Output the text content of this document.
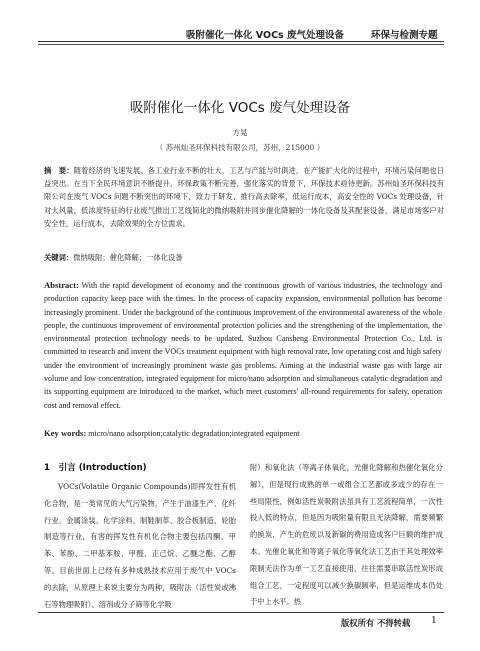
吸附催化一体化 VOCs 废气处理设备	环保与检测专题
吸附催化一体化 VOCs 废气处理设备
方晃
（ 苏州灿圣环保科技有限公司，苏州，215000 ）
摘　要：随着经济的飞速发展、各工业行业不断的壮大，工艺与产能与时俱进，在产能扩大化的过程中，环境污染问题也日益突出。在当下全民环境意识不断提升、环保政策不断完善，强化落实的背景下，环保技术亟待更新。苏州灿圣环保科技有限公司在废气 VOCs 问题不断突出的环境下，致力于研发、推行高去除率，低运行成本，高安全性的 VOCs 处理设备，针对大风量，低浓度特征的行业废气推出工艺线简化的微纳吸附并同步催化降解的一体化设备及其配套设备，满足市场客户对安全性，运行成本，去除效果的全方位需求。
关键词：微纳吸附；催化降解；一体化设备
Abstract: With the rapid development of economy and the continuous growth of various industries, the technology and production capacity keep pace with the times. In the process of capacity expansion, environmental pollution has become increasingly prominent. Under the background of the continuous improvement of the environmental awareness of the whole people, the continuous improvement of environmental protection policies and the strengthening of the implementation, the environmental protection technology needs to be updated. Suzhou Cansheng Environmental Protection Co., Ltd. is committed to research and invent the VOCs treatment equipment with high removal rate, low operating cost and high safety under the environment of increasingly prominent waste gas problems. Aiming at the industrial waste gas with large air volume and low concentration, integrated equipment for micro/nano adsorption and simultaneous catalytic degradation and its supporting equipment are introduced to the market, which meet customers' all-round requirements for safety, operation cost and removal effect.
Key words: micro/nano adsorption;catalytic degradation;integrated equipment
1　引言 (Introduction)
VOCs(Volatile Organic Compounds)即挥发性有机化合物，是一类常见的大气污染物，产生于油漆生产、化纤行业、金属涂装、化学涂料、制鞋制革、胶合板制造、轮胎制造等行业，有害的挥发性有机化合物主要包括丙酮、甲苯、苯酚、二甲基苯胺、甲醛、正己烷、乙醚之酯、乙醇等。目前世面上已经有多种成熟技术应用于废气中 VOCs 的去除，从原理上来说主要分为两种，吸附法（活性炭或沸石等物理吸附）、溶剂或分子筛等化学吸
附）和氧化法（等离子体氧化，光催化降解和热催化氧化分解），但是现行成熟的单一或组合工艺都或多或少的存在一些局限性，例如活性炭吸附法虽具有工艺流程简单，一次性投入低的特点，但是因为吸附量有限且无法降解，需要频繁的换炭，产生的危废以及新碳的费用造成客户巨额的维护成本。光催化氧化和等离子氧化等氧化法工艺由于其处理效率限制无法作为单一工艺直接使用，往往需要串联活性炭形成组合工艺，一定程度可以减少换碳频率，但是运维成本仍处于中上水平。热
版权所有 不得转载 1
